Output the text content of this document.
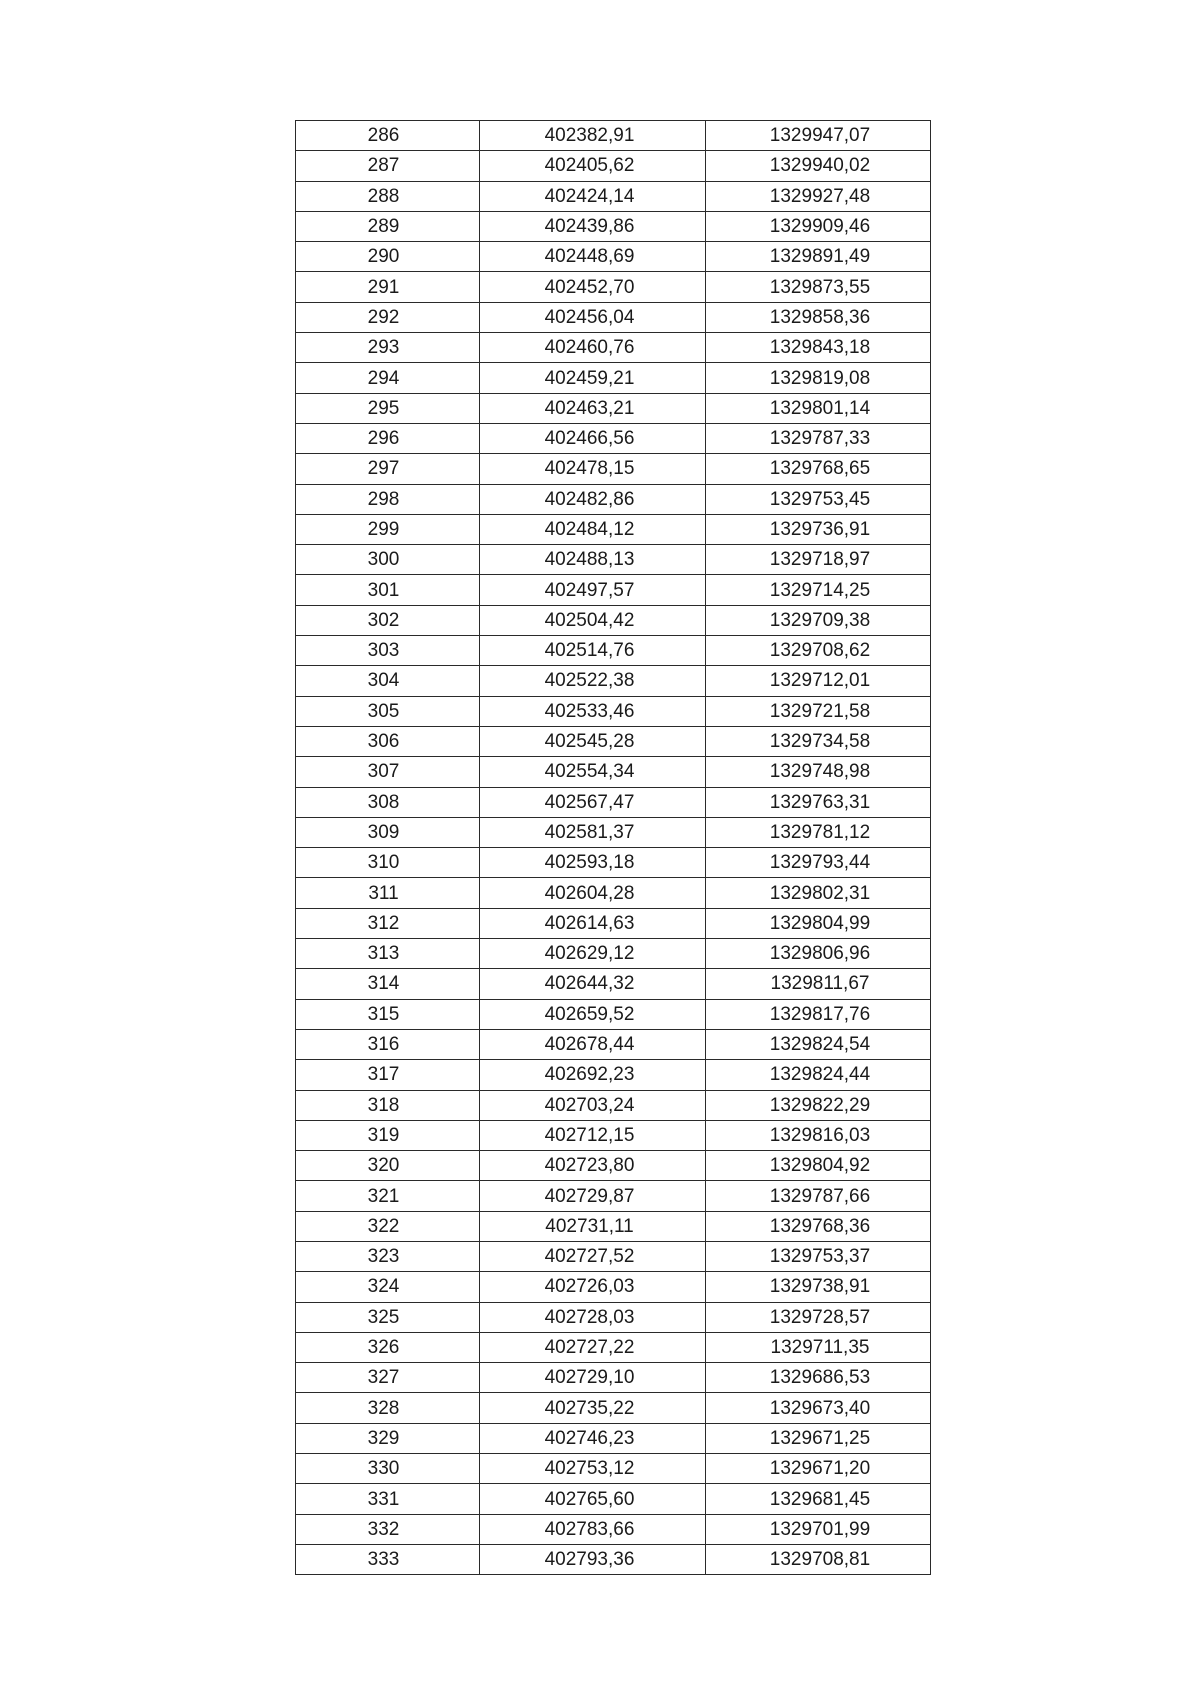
286	402382,91	1329947,07
287	402405,62	1329940,02
288	402424,14	1329927,48
289	402439,86	1329909,46
290	402448,69	1329891,49
291	402452,70	1329873,55
292	402456,04	1329858,36
293	402460,76	1329843,18
294	402459,21	1329819,08
295	402463,21	1329801,14
296	402466,56	1329787,33
297	402478,15	1329768,65
298	402482,86	1329753,45
299	402484,12	1329736,91
300	402488,13	1329718,97
301	402497,57	1329714,25
302	402504,42	1329709,38
303	402514,76	1329708,62
304	402522,38	1329712,01
305	402533,46	1329721,58
306	402545,28	1329734,58
307	402554,34	1329748,98
308	402567,47	1329763,31
309	402581,37	1329781,12
310	402593,18	1329793,44
311	402604,28	1329802,31
312	402614,63	1329804,99
313	402629,12	1329806,96
314	402644,32	1329811,67
315	402659,52	1329817,76
316	402678,44	1329824,54
317	402692,23	1329824,44
318	402703,24	1329822,29
319	402712,15	1329816,03
320	402723,80	1329804,92
321	402729,87	1329787,66
322	402731,11	1329768,36
323	402727,52	1329753,37
324	402726,03	1329738,91
325	402728,03	1329728,57
326	402727,22	1329711,35
327	402729,10	1329686,53
328	402735,22	1329673,40
329	402746,23	1329671,25
330	402753,12	1329671,20
331	402765,60	1329681,45
332	402783,66	1329701,99
333	402793,36	1329708,81
